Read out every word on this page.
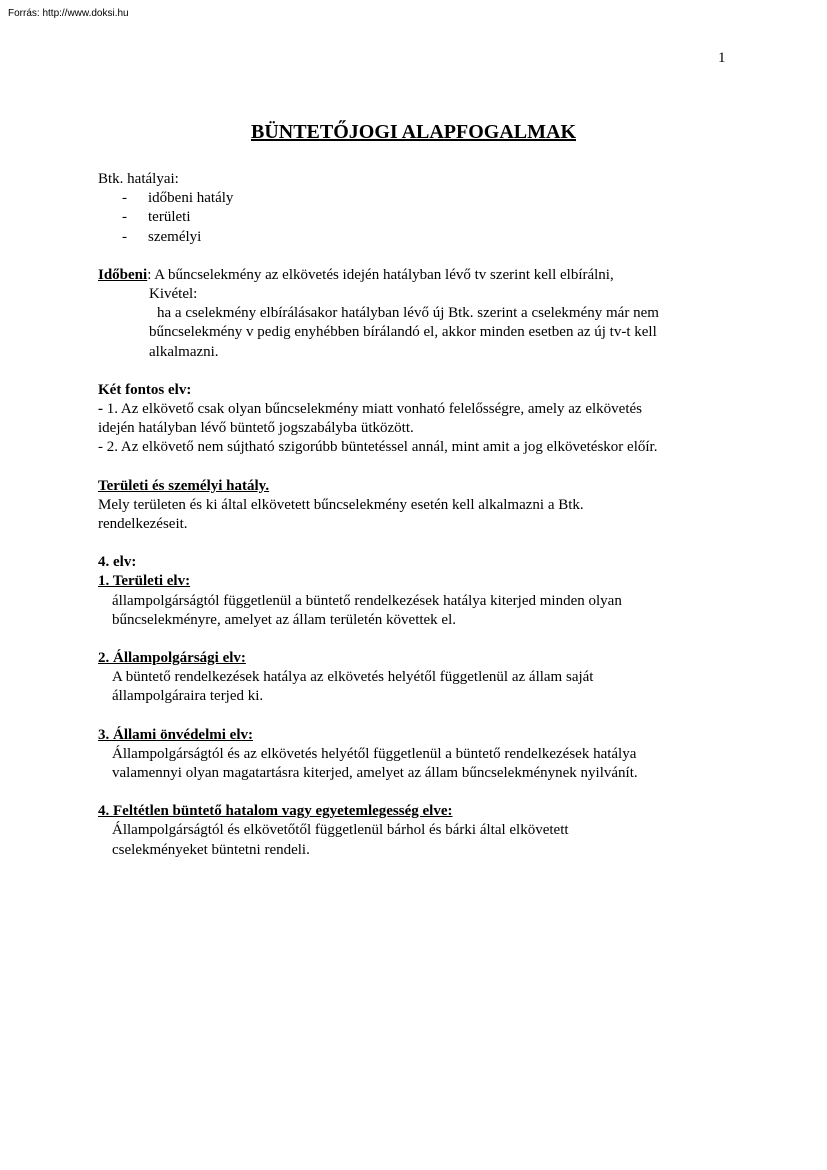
Forrás: http://www.doksi.hu
1
BÜNTETŐJOGI ALAPFOGALMAK
Btk. hatályai:
- időbeni hatály
- területi
- személyi
Időbeni: A bűncselekmény az elkövetés idején hatályban lévő tv szerint kell elbírálni,
Kivétel:
ha a cselekmény elbírálásakor hatályban lévő új Btk. szerint a cselekmény már nem
bűncselekmény v pedig enyhébben bírálandó el, akkor minden esetben az új tv-t kell
alkalmazni.
Két fontos elv:
- 1. Az elkövető csak olyan bűncselekmény miatt vonható felelősségre, amely az elkövetés
idején hatályban lévő büntető jogszabályba ütközött.
- 2. Az elkövető nem sújtható szigorúbb büntetéssel annál, mint amit a jog elkövetéskor előír.
Területi és személyi hatály.
Mely területen és ki által elkövetett bűncselekmény esetén kell alkalmazni a Btk.
rendelkezéseit.
4. elv:
1. Területi elv:
állampolgárságtól függetlenül a büntető rendelkezések hatálya kiterjed minden olyan
bűncselekményre, amelyet az állam területén követtek el.
2. Állampolgársági elv:
A büntető rendelkezések hatálya az elkövetés helyétől függetlenül az állam saját
állampolgáraira terjed ki.
3. Állami önvédelmi elv:
Állampolgárságtól és az elkövetés helyétől függetlenül a büntető rendelkezések hatálya
valamennyi olyan magatartásra kiterjed, amelyet az állam bűncselekménynek nyilvánít.
4. Feltétlen büntető hatalom vagy egyetemlegesség elve:
Állampolgárságtól és elkövetőtől függetlenül bárhol és bárki által elkövetett
cselekményeket büntetni rendeli.
